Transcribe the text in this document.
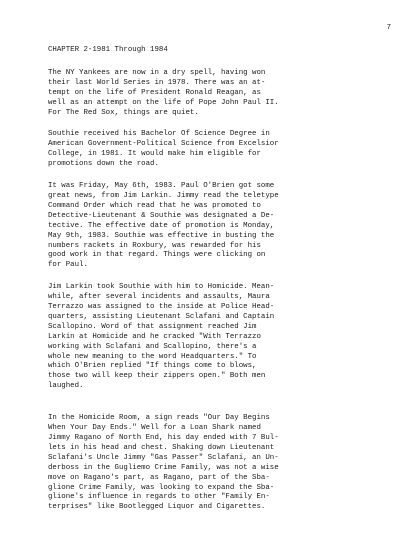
7
CHAPTER 2-1981 Through 1984
The NY Yankees are now in a dry spell, having won
their last World Series in 1978. There was an at-
tempt on the life of President Ronald Reagan, as
well as an attempt on the life of Pope John Paul II.
For The Red Sox, things are quiet.
Southie received his Bachelor Of Science Degree in
American Government-Political Science from Excelsior
College, in 1981. It would make him eligible for
promotions down the road.
It was Friday, May 6th, 1983. Paul O'Brien got some
great news, from Jim Larkin. Jimmy read the teletype
Command Order which read that he was promoted to
Detective-Lieutenant & Southie was designated a De-
tective. The effective date of promotion is Monday,
May 9th, 1983. Southie was effective in busting the
numbers rackets in Roxbury, was rewarded for his
good work in that regard. Things were clicking on
for Paul.
Jim Larkin took Southie with him to Homicide. Mean-
while, after several incidents and assaults, Maura
Terrazzo was assigned to the inside at Police Head-
quarters, assisting Lieutenant Sclafani and Captain
Scallopino. Word of that assignment reached Jim
Larkin at Homicide and he cracked "With Terrazzo
working with Sclafani and Scallopino, there's a
whole new meaning to the word Headquarters." To
which O'Brien replied "If things come to blows,
those two will keep their zippers open." Both men
laughed.
In the Homicide Room, a sign reads "Our Day Begins
When Your Day Ends." Well for a Loan Shark named
Jimmy Ragano of North End, his day ended with 7 Bul-
lets in his head and chest. Shaking down Lieutenant
Sclafani's Uncle Jimmy "Gas Passer" Sclafani, an Un-
derboss in the Gugliemo Crime Family, was not a wise
move on Ragano's part, as Ragano, part of the Sba-
glione Crime Family, was looking to expand the Sba-
glione's influence in regards to other "Family En-
terprises" like Bootlegged Liquor and Cigarettes.
